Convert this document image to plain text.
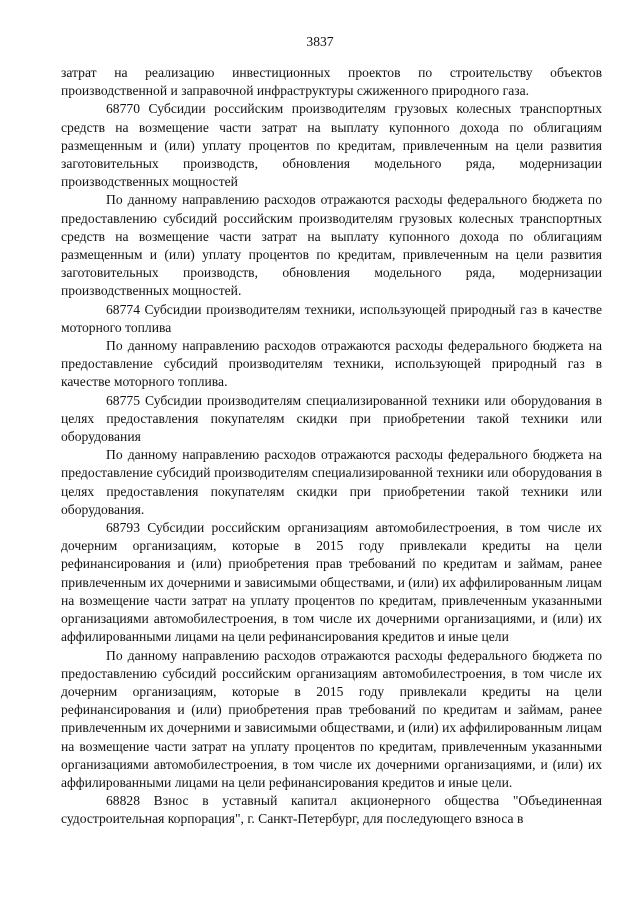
3837

затрат на реализацию инвестиционных проектов по строительству объектов производственной и заправочной инфраструктуры сжиженного природного газа.

68770 Субсидии российским производителям грузовых колесных транспортных средств на возмещение части затрат на выплату купонного дохода по облигациям размещенным и (или) уплату процентов по кредитам, привлеченным на цели развития заготовительных производств, обновления модельного ряда, модернизации производственных мощностей

По данному направлению расходов отражаются расходы федерального бюджета по предоставлению субсидий российским производителям грузовых колесных транспортных средств на возмещение части затрат на выплату купонного дохода по облигациям размещенным и (или) уплату процентов по кредитам, привлеченным на цели развития заготовительных производств, обновления модельного ряда, модернизации производственных мощностей.

68774 Субсидии производителям техники, использующей природный газ в качестве моторного топлива

По данному направлению расходов отражаются расходы федерального бюджета на предоставление субсидий производителям техники, использующей природный газ в качестве моторного топлива.

68775 Субсидии производителям специализированной техники или оборудования в целях предоставления покупателям скидки при приобретении такой техники или оборудования

По данному направлению расходов отражаются расходы федерального бюджета на предоставление субсидий производителям специализированной техники или оборудования в целях предоставления покупателям скидки при приобретении такой техники или оборудования.

68793 Субсидии российским организациям автомобилестроения, в том числе их дочерним организациям, которые в 2015 году привлекали кредиты на цели рефинансирования и (или) приобретения прав требований по кредитам и займам, ранее привлеченным их дочерними и зависимыми обществами, и (или) их аффилированным лицам на возмещение части затрат на уплату процентов по кредитам, привлеченным указанными организациями автомобилестроения, в том числе их дочерними организациями, и (или) их аффилированными лицами на цели рефинансирования кредитов и иные цели

По данному направлению расходов отражаются расходы федерального бюджета по предоставлению субсидий российским организациям автомобилестроения, в том числе их дочерним организациям, которые в 2015 году привлекали кредиты на цели рефинансирования и (или) приобретения прав требований по кредитам и займам, ранее привлеченным их дочерними и зависимыми обществами, и (или) их аффилированным лицам на возмещение части затрат на уплату процентов по кредитам, привлеченным указанными организациями автомобилестроения, в том числе их дочерними организациями, и (или) их аффилированными лицами на цели рефинансирования кредитов и иные цели.

68828 Взнос в уставный капитал акционерного общества "Объединенная судостроительная корпорация", г. Санкт-Петербург, для последующего взноса в
